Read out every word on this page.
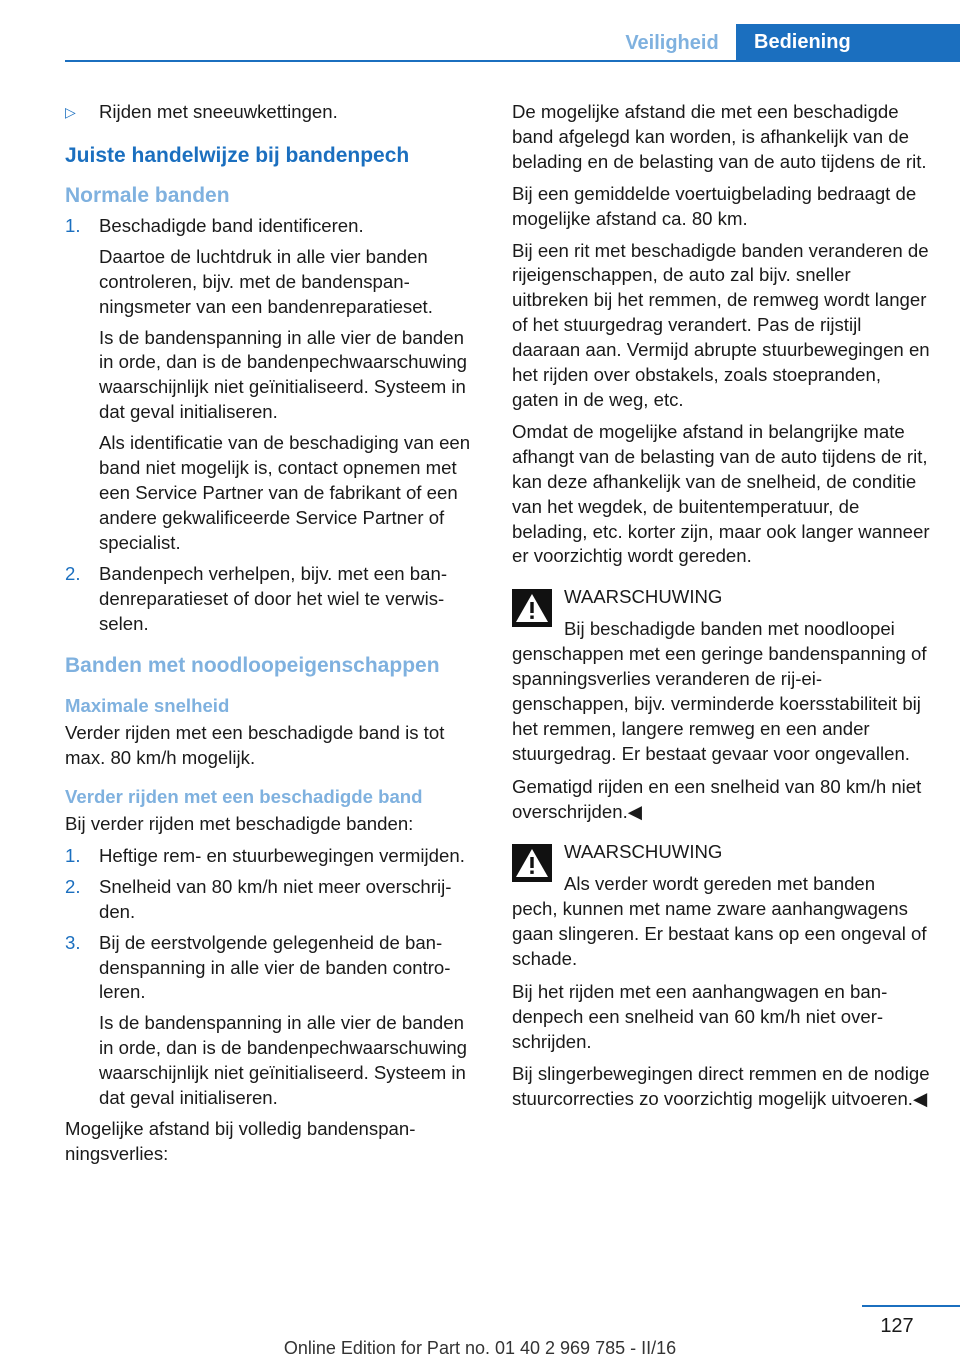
Veiligheid	Bediening
▷ Rijden met sneeuwkettingen.
Juiste handelwijze bij bandenpech
Normale banden
1. Beschadigde band identificeren.
Daartoe de luchtdruk in alle vier banden controleren, bijv. met de bandenspanningsmeter van een bandenreparatieset.
Is de bandenspanning in alle vier de banden in orde, dan is de bandenpechwaarschuwing waarschijnlijk niet geïnitialiseerd. Systeem in dat geval initialiseren.
Als identificatie van de beschadiging van een band niet mogelijk is, contact opnemen met een Service Partner van de fabrikant of een andere gekwalificeerde Service Partner of specialist.
2. Bandenpech verhelpen, bijv. met een bandenreparatieset of door het wiel te verwisselen.
Banden met noodloopeigenschappen
Maximale snelheid

Verder rijden met een beschadigde band is tot max. 80 km/h mogelijk.

Verder rijden met een beschadigde band

Bij verder rijden met beschadigde banden:

1. Heftige rem- en stuurbewegingen vermijden.
2. Snelheid van 80 km/h niet meer overschrijden.
3. Bij de eerstvolgende gelegenheid de bandenspanning in alle vier de banden controleren.
Is de bandenspanning in alle vier de banden in orde, dan is de bandenpechwaarschuwing waarschijnlijk niet geïnitialiseerd. Systeem in dat geval initialiseren.

Mogelijke afstand bij volledig bandenspanningsverlies:

De mogelijke afstand die met een beschadigde band afgelegd kan worden, is afhankelijk van de belading en de belasting van de auto tijdens de rit.

Bij een gemiddelde voertuigbelading bedraagt de mogelijke afstand ca. 80 km.

Bij een rit met beschadigde banden veranderen de rijeigenschappen, de auto zal bijv. sneller uitbreken bij het remmen, de remweg wordt langer of het stuurgedrag verandert. Pas de rijstijl daaraan aan. Vermijd abrupte stuurbewegingen en het rijden over obstakels, zoals stoepranden, gaten in de weg, etc.

Omdat de mogelijke afstand in belangrijke mate afhangt van de belasting van de auto tijdens de rit, kan deze afhankelijk van de snelheid, de conditie van het wegdek, de buitentemperatuur, de belading, etc. korter zijn, maar ook langer wanneer er voorzichtig wordt gereden.

WAARSCHUWING
Bij beschadigde banden met noodloopei
genschappen met een geringe bandenspanning of spanningsverlies veranderen de rij-eigenschappen, bijv. verminderde koersstabiliteit bij het remmen, langere remweg en een ander stuurgedrag. Er bestaat gevaar voor ongevallen.

Gematigd rijden en een snelheid van 80 km/h niet overschrijden.◀

WAARSCHUWING
Als verder wordt gereden met banden
pech, kunnen met name zware aanhangwagens gaan slingeren. Er bestaat kans op een ongeval of schade.

Bij het rijden met een aanhangwagen en bandenpech een snelheid van 60 km/h niet overschrijden.

Bij slingerbewegingen direct remmen en de nodige stuurcorrecties zo voorzichtig mogelijk uitvoeren.◀

127
Online Edition for Part no. 01 40 2 969 785 - II/16
